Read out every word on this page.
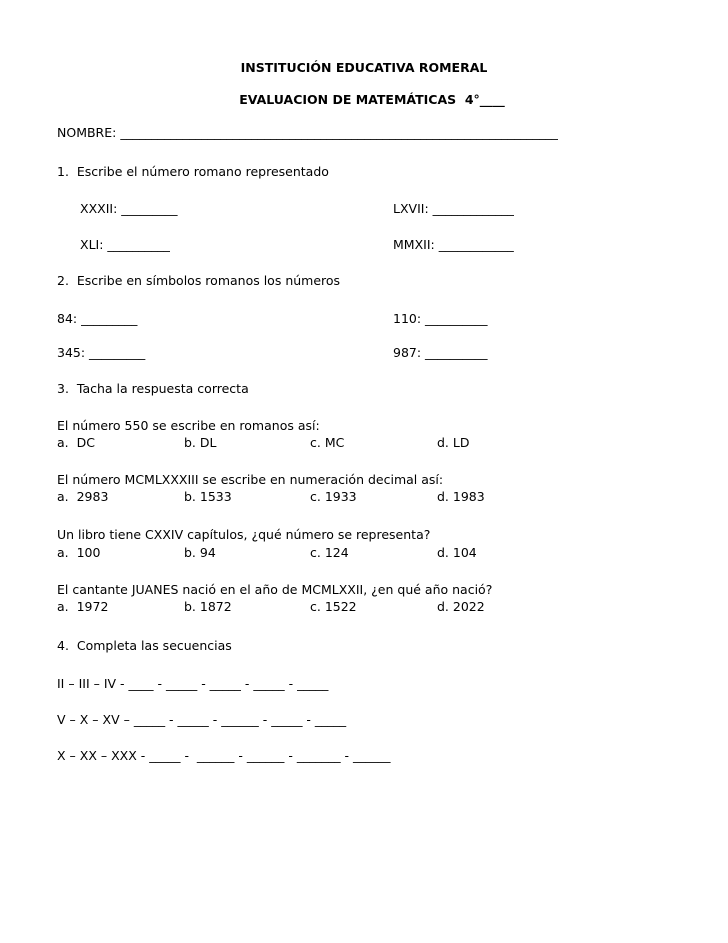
INSTITUCIÓN EDUCATIVA ROMERAL
EVALUACION DE MATEMÁTICAS  4°____
NOMBRE: ______________________________________________________________________
1.  Escribe el número romano representado
XXXII: _________	LXVII: _____________
XLI: __________	MMXII: ____________
2.  Escribe en símbolos romanos los números
84: _________	110: __________
345: _________	987: __________
3.  Tacha la respuesta correcta
El número 550 se escribe en romanos así:

a.  DC

	b. DL

	c. MC

	d. LD

El número MCMLXXXIII se escribe en numeración decimal así:

a.  2983

	b. 1533

	c. 1933

	d. 1983

Un libro tiene CXXIV capítulos, ¿qué número se representa?

a.  100

	b. 94

	c. 124

	d. 104

El cantante JUANES nació en el año de MCMLXXII, ¿en qué año nació?

a.  1972

	b. 1872

	c. 1522

	d. 2022

4.  Completa las secuencias
II – III – IV - ____ - _____ - _____ - _____ - _____
V – X – XV – _____ - _____ - ______ - _____ - _____
X – XX – XXX - _____ -  ______ - ______ - _______ - ______
